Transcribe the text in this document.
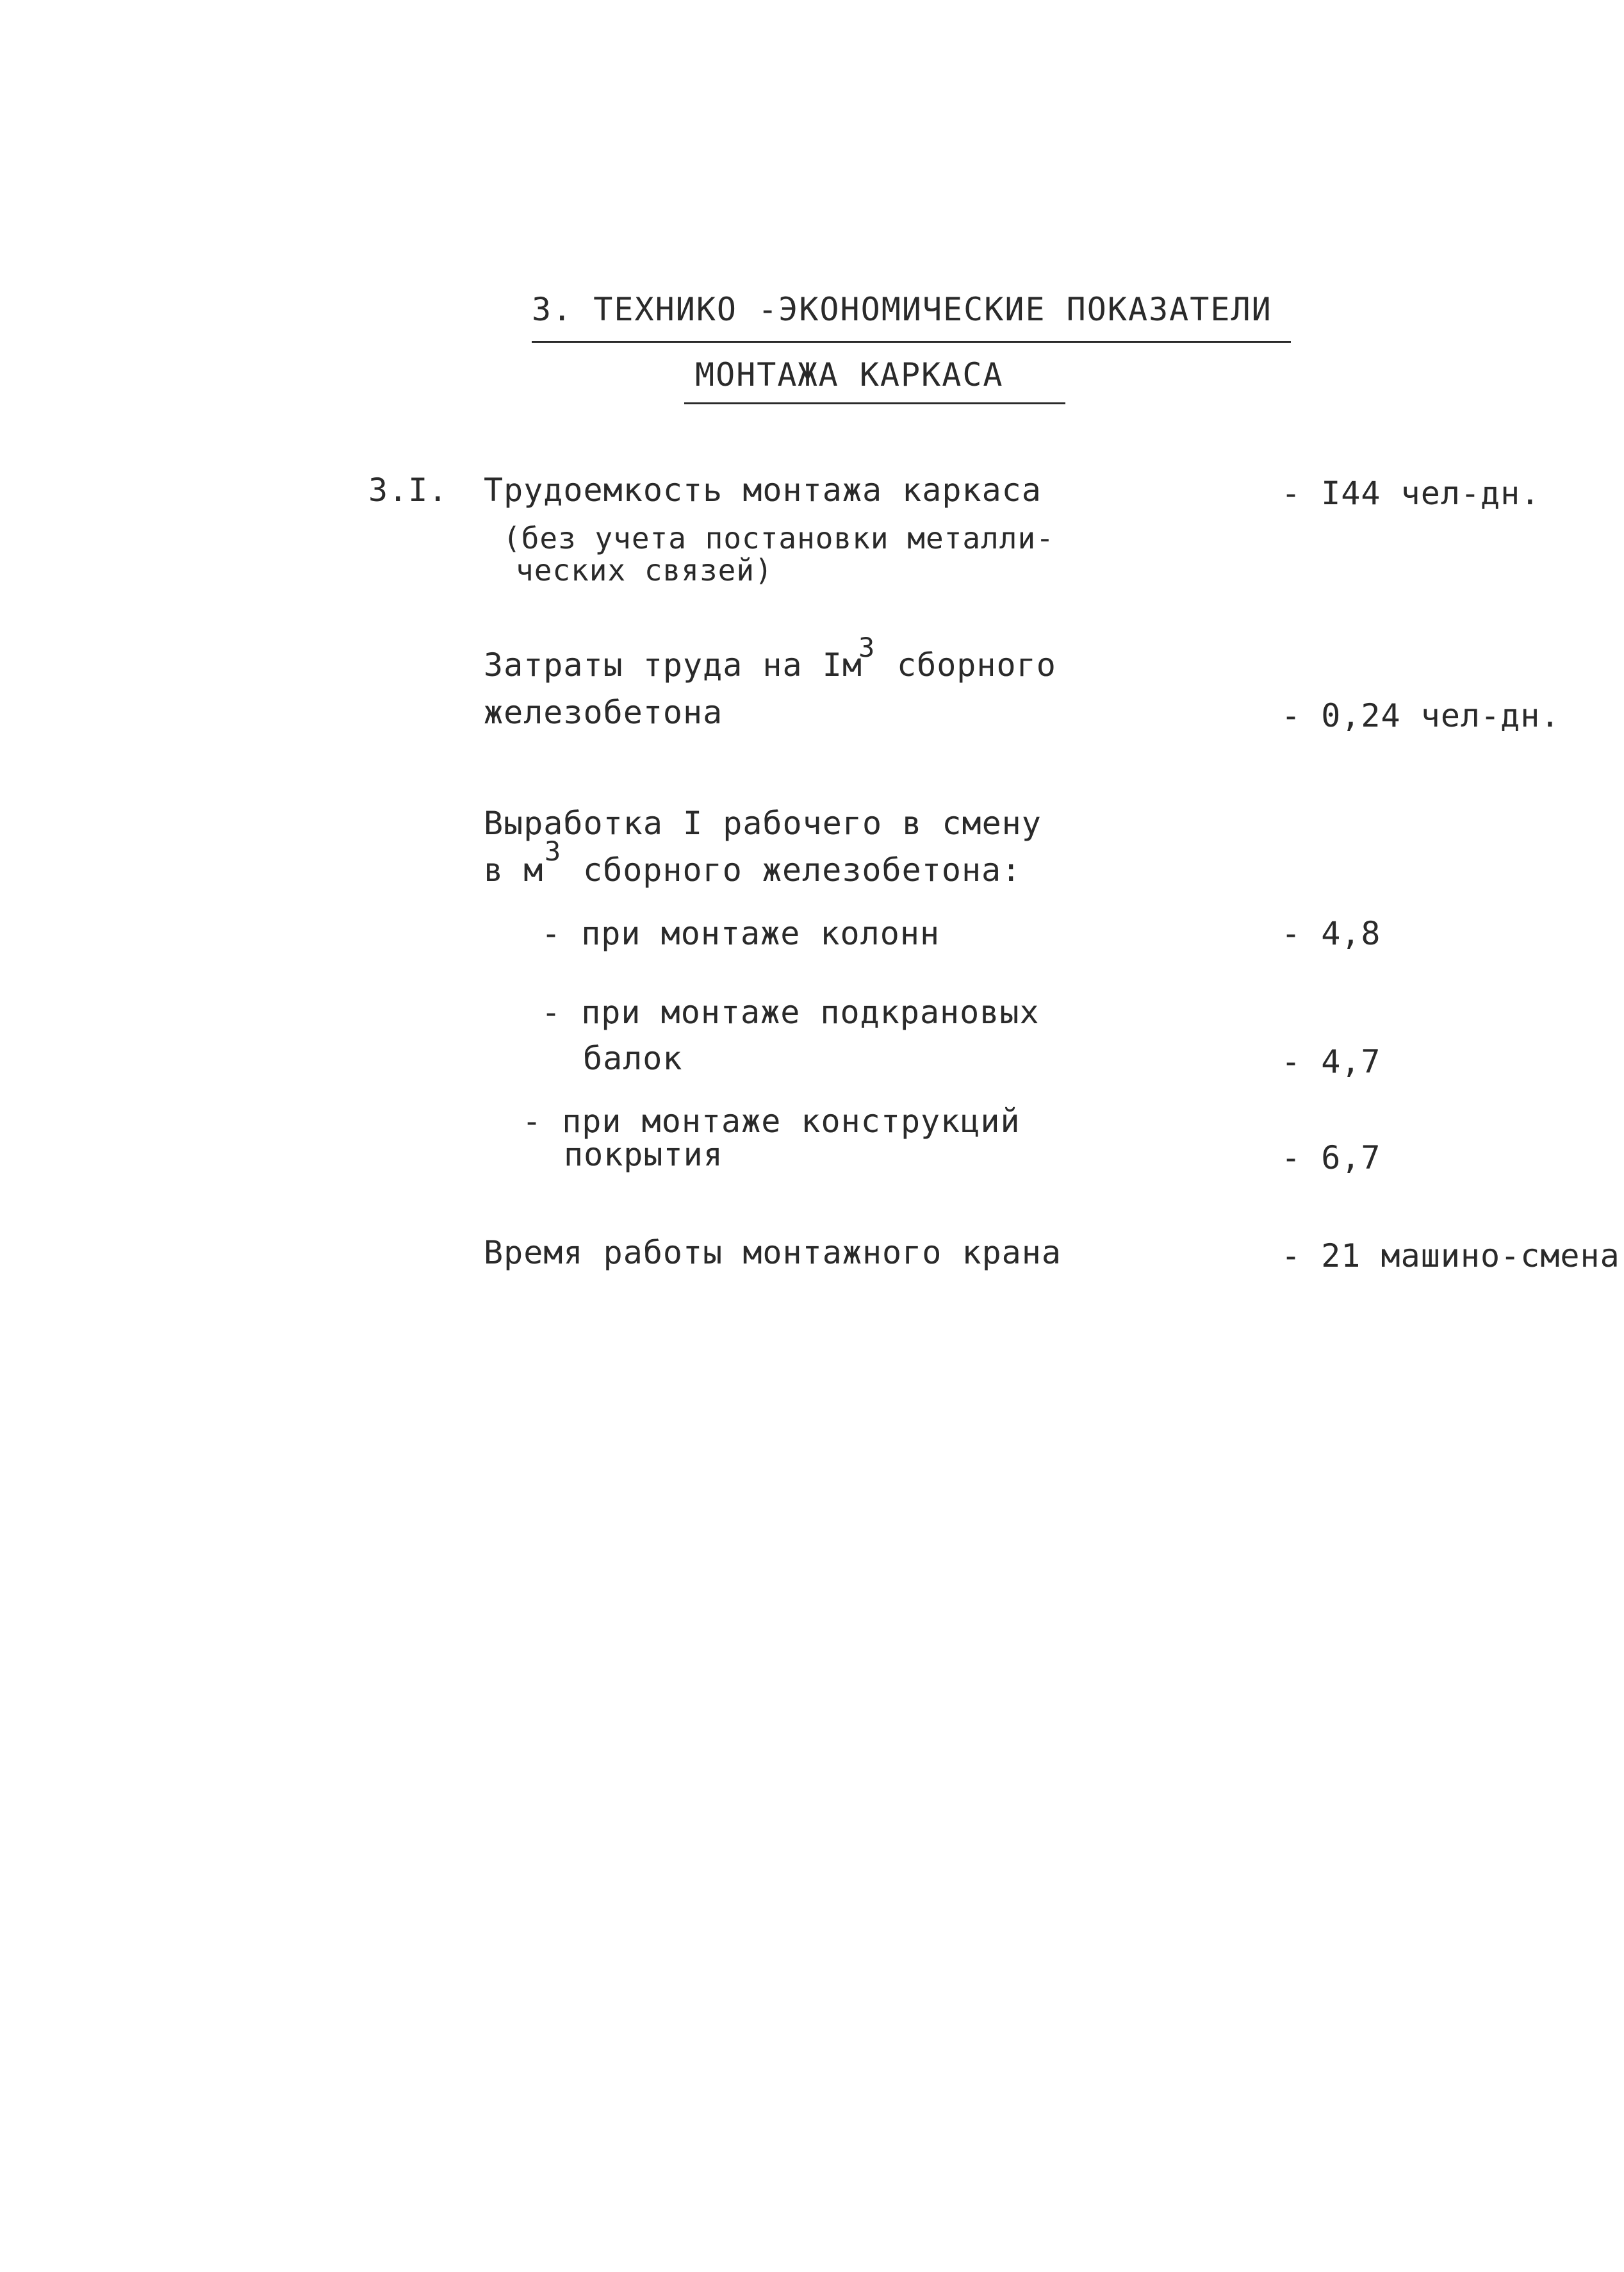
3. ТЕХНИКО -ЭКОНОМИЧЕСКИЕ ПОКАЗАТЕЛИ
МОНТАЖА КАРКАСА
3.I. Трудоемкость монтажа каркаса	- I44 чел-дн.
(без учета постановки металли-
ческих связей)
Затраты труда на Iм
3 сборного
железобетона	- 0,24 чел-дн.
Выработка I рабочего в смену
в м
3
сборного железобетона:
- при монтаже колонн	- 4,8
- при монтаже подкрановых
балок	- 4,7
- при монтаже конструкций
покрытия	- 6,7
Время работы монтажного крана	- 21 машино-смена
